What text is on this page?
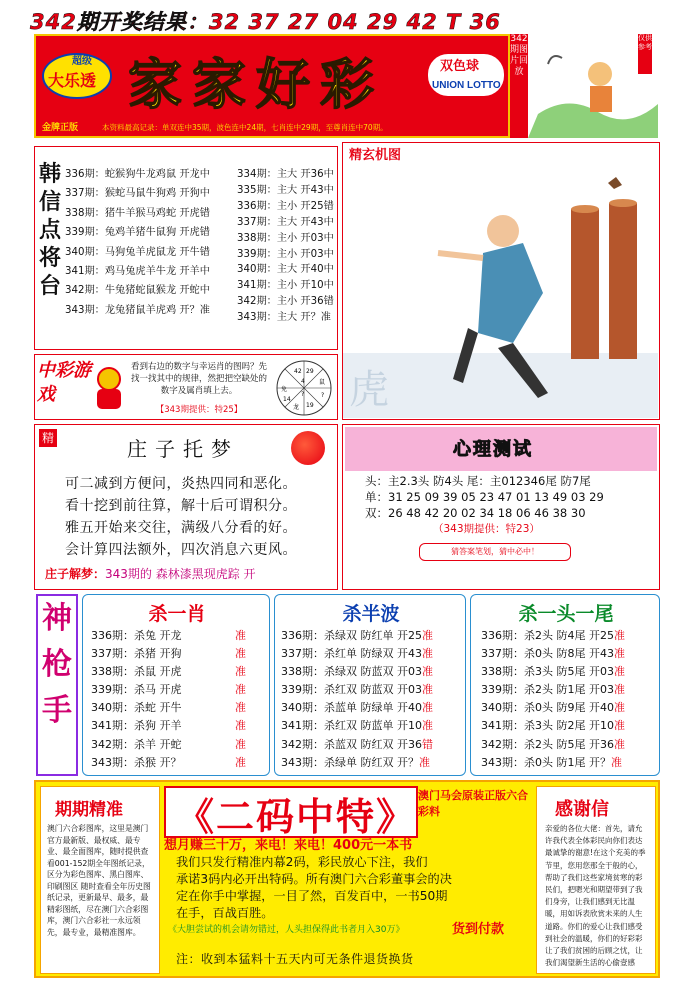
342期开奖结果：32 37 27 04 29 42 T 36
超级
大乐透 家家好彩	双色球
UNION LOTTO
金牌正版	本资料最高记录：单双连中35期，波色连中24期，七肖连中29期，至尊肖连中70期。
342期图片回放
仅供参考
韩
信
点
将
台
336期：蛇猴狗牛龙鸡鼠 开龙中
337期：猴蛇马鼠牛狗鸡 开狗中
338期：猪牛羊猴马鸡蛇 开虎错
339期：兔鸡羊猪牛鼠狗 开虎错
340期：马狗兔羊虎鼠龙 开牛错
341期：鸡马兔虎羊牛龙 开羊中
342期：牛兔猪蛇鼠猴龙 开蛇中
343期：龙兔猪鼠羊虎鸡 开？准
334期：主大 开36中
335期：主大 开43中
336期：主小 开25错
337期：主大 开43中
338期：主小 开03中
339期：主小 开03中
340期：主大 开40中
341期：主小 开10中
342期：主小 开36错
343期：主大 开？准
精玄机图
虎
中彩游戏
看到右边的数字与幸运肖的图吗？先找一找其中的规律，然把把空缺处的数字及属肖填上去。
【343期提供：特25】
42 29
鼠
?
免
14
19
龙
4
?
精	庄子托梦
可二减到方便问，炎热四同和恶化。
看十挖到前往算，解十后可谓积分。
雅五开始来交往，满级八分看的好。
会计算四法额外，四次消息六更风。
庄子解梦：343期的 森林漆黑现虎踪 开
心理测试
头：主2.3头 防4头 尾：主012346尾 防7尾
单：31 25 09 39 05 23 47 01 13 49 03 29
双：26 48 42 20 02 34 18 06 46 38 30
（343期提供：特23）
猜答案笔划，猜中必中！
神
枪
手
杀一肖
336期：杀兔 开龙	准
337期：杀猪 开狗	准
338期：杀鼠 开虎	准
339期：杀马 开虎	准
340期：杀蛇 开牛	准
341期：杀狗 开羊	准
342期：杀羊 开蛇	准
343期：杀猴 开？	准
杀半波
336期：杀绿双 防红单 开25准
337期：杀红单 防绿双 开43准
338期：杀绿双 防蓝双 开03准
339期：杀红双 防蓝双 开03准
340期：杀蓝单 防绿单 开40准
341期：杀红双 防蓝单 开10准
342期：杀蓝双 防红双 开36错
343期：杀绿单 防红双 开？准
杀一头一尾
336期：杀2头 防4尾 开25准
337期：杀0头 防8尾 开43准
338期：杀3头 防5尾 开03准
339期：杀2头 防1尾 开03准
340期：杀0头 防9尾 开40准
341期：杀3头 防2尾 开10准
342期：杀2头 防5尾 开36准
343期：杀0头 防1尾 开？准
期期精准
澳门六合彩图库，这里是澳门官方最新版、最权威、最专业、最全面图库，随时提供查看001-152期全年图纸记录，区分为彩色图库、黑白图库、印刷图区 随时查看全年历史图纸记录，更新最早、最多，最精彩图纸，尽在澳门六合彩图库，澳门六合彩社一永远领先，最专业，最精准图库。
《二码中特》 澳门马会原装正版六合彩料
想月赚三十万，来电！来电！400元一本书
我们只发行精准内幕2码，彩民放心下注，我们
承诺3码内必开出特码。所有澳门六合彩董事会的决
定在你手中掌握，一目了然，百发百中，一书50期
在手，百战百胜。
《大胆尝试的机会请勿错过，人头担保得此书者月入30万》	货到付款
注：收到本猛料十五天内可无条件退货换货
感谢信
亲爱的各位大佬：首先，请允许我代表全体彩民向你们表达最诚挚的谢意!在这个充美的季节里，您用您那全于般的心，帮助了我们这些家境贫寒的彩民们，把嗯光和期望带到了我们身旁，让我们感到无比温暖，用如诉表欣赏未来的人生道路。你们的爱心让我们感受到社会的温暖，你们的好彩彩让了我们贫困的后顾之忧，让我们渴望新生活的心偷壹感
